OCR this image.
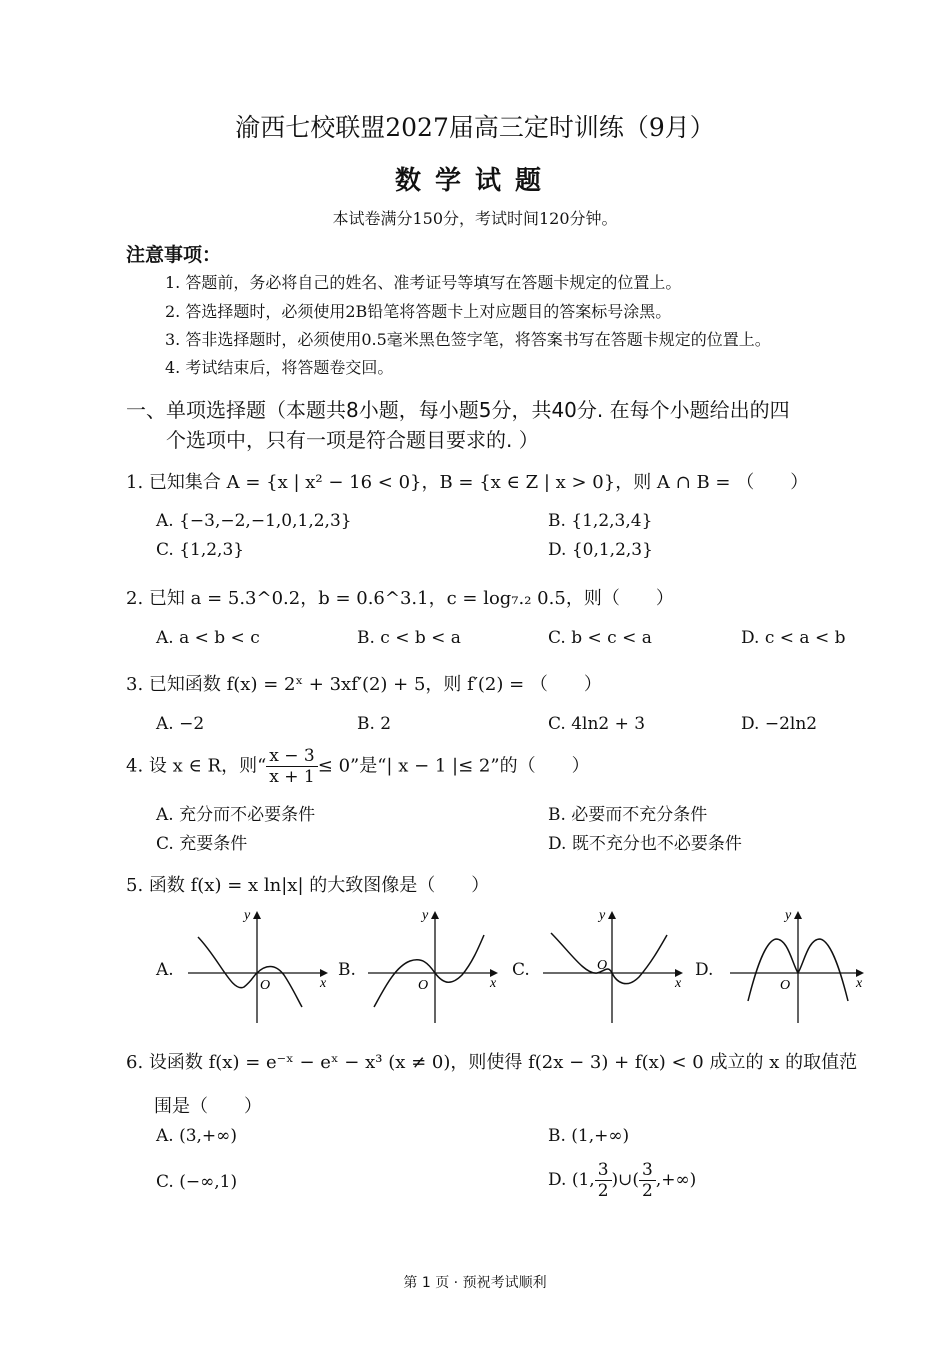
渝西七校联盟2027届高三定时训练（9月）
数学试题
本试卷满分150分，考试时间120分钟。
注意事项：
1. 答题前，务必将自己的姓名、准考证号等填写在答题卡规定的位置上。
2. 答选择题时，必须使用2B铅笔将答题卡上对应题目的答案标号涂黑。
3. 答非选择题时，必须使用0.5毫米黑色签字笔，将答案书写在答题卡规定的位置上。
4. 考试结束后，将答题卷交回。
一、单项选择题（本题共8小题，每小题5分，共40分. 在每个小题给出的四
个选项中，只有一项是符合题目要求的. ）
1. 已知集合 A = {x | x² − 16 < 0}，B = {x ∈ Z | x > 0}，则 A ∩ B = （　　）
A. {−3,−2,−1,0,1,2,3}	B. {1,2,3,4}
C. {1,2,3}	D. {0,1,2,3}
2. 已知 a = 5.3^0.2，b = 0.6^3.1，c = log₇.₂ 0.5，则（　　）
A. a < b < c	B. c < b < a	C. b < c < a	D. c < a < b
3. 已知函数 f(x) = 2ˣ + 3xf′(2) + 5，则 f′(2) = （　　）
A. −2	B. 2	C. 4ln2 + 3	D. −2ln2
4. 设 x ∈ R，则“ $\frac{x - 3}{x + 1} \le 0$”是“| x − 1 |≤ 2”的（　　）
A. 充分而不必要条件	B. 必要而不充分条件
C. 充要条件	D. 既不充分也不必要条件
5. 函数 f(x) = x ln|x| 的大致图像是（　　）
A.
y
x
O
B.
y
x
O
C.
y
x
O	D.
y
x
O
6. 设函数 f(x) = e⁻ˣ − eˣ − x³ (x ≠ 0)，则使得 f(2x − 3) + f(x) < 0 成立的 x 的取值范
围是（　　）
A. (3,+∞)	B. (1,+∞)
C. (−∞,1)	D. (1, $\frac{3}{2}$ )∪( $\frac{3}{2}$ ,+∞)
第 1 页 · 预祝考试顺利
